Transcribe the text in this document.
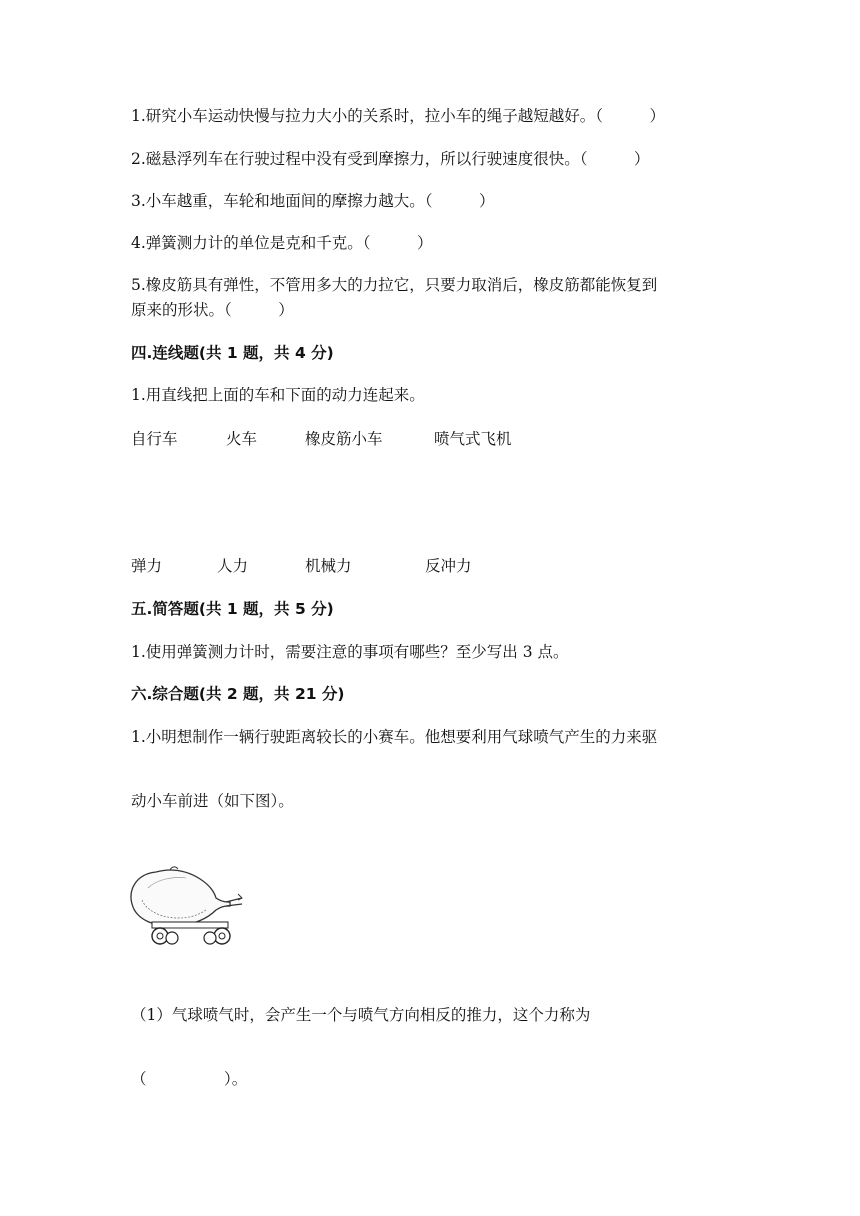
1.研究小车运动快慢与拉力大小的关系时，拉小车的绳子越短越好。（　　　）
2.磁悬浮列车在行驶过程中没有受到摩擦力，所以行驶速度很快。（　　　）
3.小车越重，车轮和地面间的摩擦力越大。（　　　）
4.弹簧测力计的单位是克和千克。（　　　）
5.橡皮筋具有弹性，不管用多大的力拉它，只要力取消后，橡皮筋都能恢复到
原来的形状。（　　　）
四.连线题(共 1 题，共 4 分)
1.用直线把上面的车和下面的动力连起来。
自行车	火车	橡皮筋小车	喷气式飞机
弹力	人力	机械力	反冲力
五.简答题(共 1 题，共 5 分)
1.使用弹簧测力计时，需要注意的事项有哪些？至少写出 3 点。
六.综合题(共 2 题，共 21 分)
1.小明想制作一辆行驶距离较长的小赛车。他想要利用气球喷气产生的力来驱
动小车前进（如下图）。
（1）气球喷气时，会产生一个与喷气方向相反的推力，这个力称为
（　　　　　）。
